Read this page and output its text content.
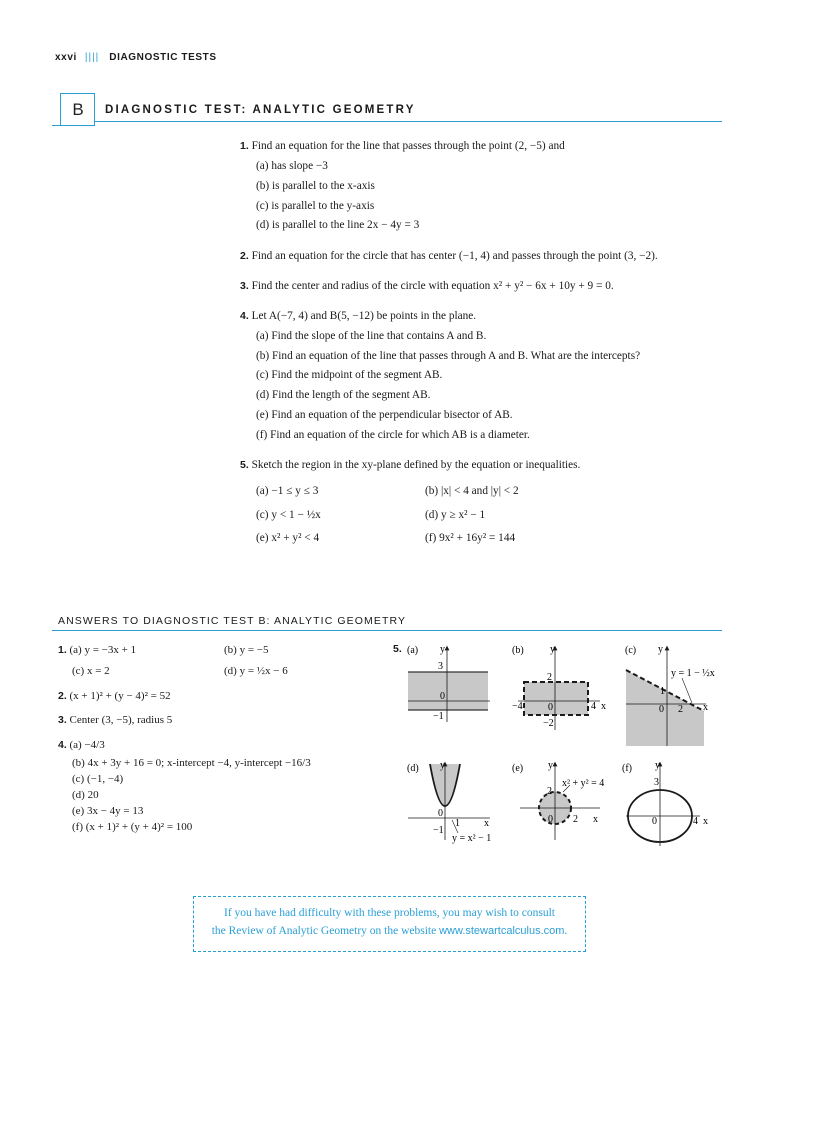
xxvi |||| DIAGNOSTIC TESTS
B	DIAGNOSTIC TEST: ANALYTIC GEOMETRY
1. Find an equation for the line that passes through the point (2, −5) and
(a) has slope −3
(b) is parallel to the x-axis
(c) is parallel to the y-axis
(d) is parallel to the line 2x − 4y = 3
2. Find an equation for the circle that has center (−1, 4) and passes through the point (3, −2).
3. Find the center and radius of the circle with equation x² + y² − 6x + 10y + 9 = 0.
4. Let A(−7, 4) and B(5, −12) be points in the plane.
(a) Find the slope of the line that contains A and B.
(b) Find an equation of the line that passes through A and B. What are the intercepts?
(c) Find the midpoint of the segment AB.
(d) Find the length of the segment AB.
(e) Find an equation of the perpendicular bisector of AB.
(f) Find an equation of the circle for which AB is a diameter.
5. Sketch the region in the xy-plane defined by the equation or inequalities.
(a) −1 ≤ y ≤ 3	(b) |x| < 4 and |y| < 2
(c) y < 1 − ½x	(d) y ≥ x² − 1
(e) x² + y² < 4	(f) 9x² + 16y² = 144
ANSWERS TO DIAGNOSTIC TEST B: ANALYTIC GEOMETRY
1. (a) y = −3x + 1	(b) y = −5
(c) x = 2	(d) y = ½x − 6
2. (x + 1)² + (y − 4)² = 52
3. Center (3, −5), radius 5
4. (a) −4/3
(b) 4x + 3y + 16 = 0; x-intercept −4, y-intercept −16/3
(c) (−1, −4)
(d) 20
(e) 3x − 4y = 13
(f) (x + 1)² + (y + 4)² = 100
5. (a) y
3
0
−1
(b)	y
2
−4	0	4
−2
x
(c) y
y = 1 − ½x
1
0 2 x
(d) y
0
−1
1 x
y = x² − 1
(e) y
x² + y² = 4
2
0 2 x
(f) y
3
0	4 x
If you have had difficulty with these problems, you may wish to consult
the Review of Analytic Geometry on the website www.stewartcalculus.com.
